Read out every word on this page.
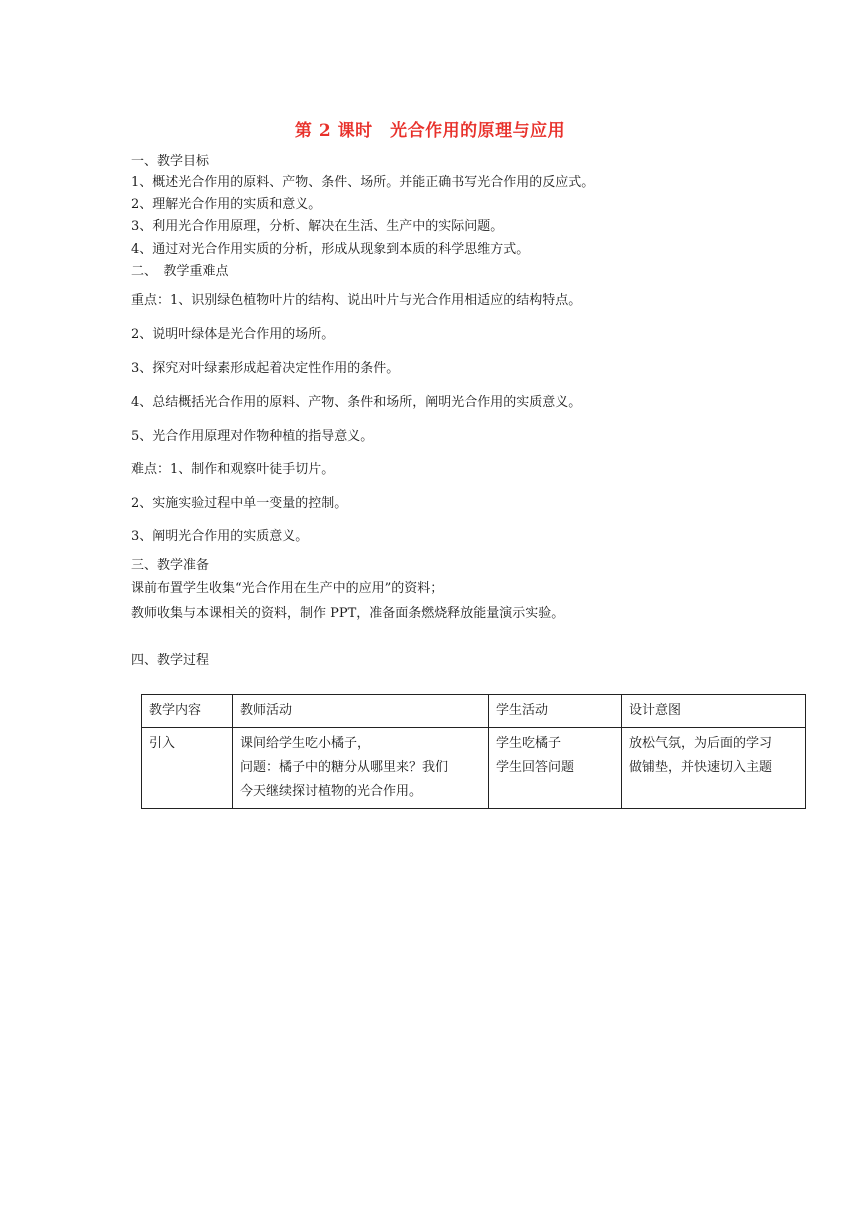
第 2 课时　光合作用的原理与应用
一、教学目标
1、概述光合作用的原料、产物、条件、场所。并能正确书写光合作用的反应式。
2、理解光合作用的实质和意义。
3、利用光合作用原理，分析、解决在生活、生产中的实际问题。
4、通过对光合作用实质的分析，形成从现象到本质的科学思维方式。
二、　教学重难点
重点：1、识别绿色植物叶片的结构、说出叶片与光合作用相适应的结构特点。
2、说明叶绿体是光合作用的场所。
3、探究对叶绿素形成起着决定性作用的条件。
4、总结概括光合作用的原料、产物、条件和场所，阐明光合作用的实质意义。
5、光合作用原理对作物种植的指导意义。
难点：1、制作和观察叶徒手切片。
2、实施实验过程中单一变量的控制。
3、阐明光合作用的实质意义。
三、教学准备
课前布置学生收集“光合作用在生产中的应用”的资料；
教师收集与本课相关的资料，制作 PPT，准备面条燃烧释放能量演示实验。
四、教学过程
教学内容	教师活动	学生活动	设计意图

引入	课间给学生吃小橘子，
问题：橘子中的糖分从哪里来？我们
今天继续探讨植物的光合作用。	学生吃橘子
学生回答问题	放松气氛，为后面的学习
做铺垫，并快速切入主题
